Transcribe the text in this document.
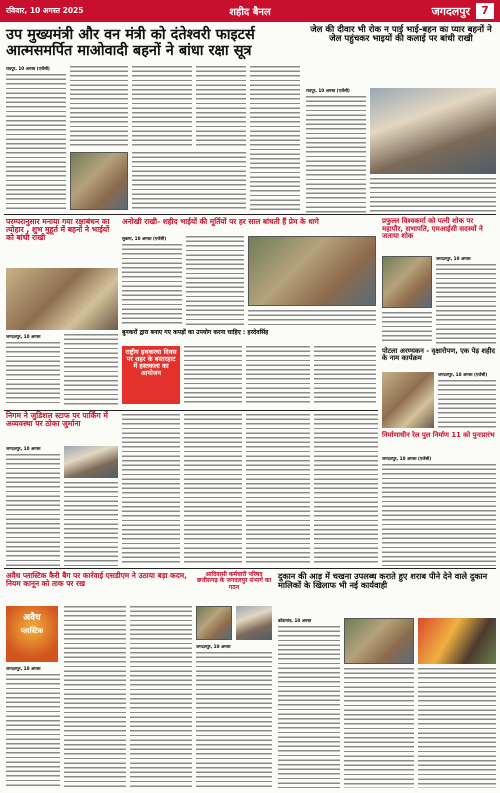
रविवार, 10 अगस्त 2025	शहीद बैनल	जगदलपुर	7
उप मुख्यमंत्री और वन मंत्री को दंतेश्वरी फाइटर्स आत्मसमर्पित माओवादी बहनों ने बांधा रक्षा सूत्र
रायपुर, 10 अगस्त (एजेंसी)
जेल की दीवार भी रोक न पाई भाई-बहन का प्यार बहनों ने जेल पहुंचकर भाइयों की कलाई पर बांधी राखी
रायपुर, 10 अगस्त (एजेंसी)
परम्परानुसार मनाया गया रक्षाबंधन का त्योहार , शुभ मुहूर्त में बहनों ने भाईयों को बांधी राखी
जगदलपुर, 10 अगस्त
अनोखी राखी- शहीद भाईयों की मूर्तियों पर हर साल बांधती हैं प्रेम के धागे
सुकमा, 10 अगस्त (एजेंसी)
बुनकरों द्वारा बनाए गए कपड़ों का उपयोग करना चाहिए : हरदेवसिंह
राष्ट्रीय हथकरघा दिवस पर शहर के बस्तरहाट में हस्तकला का आयोजन
प्रफुल्ल विश्वकर्मा को पत्नी शोक पर महापौर, सभापति, एमआईसी सदस्यों ने जताया शोक
जगदलपुर, 10 अगस्त
पोटला अरण्यकन - वृक्षारोपण, एक पेड़ शहीद के नाम कार्यक्रम
जगदलपुर, 10 अगस्त (एजेंसी)
निगम ने जुडिशल स्टाफ पर पार्किंग में अव्यवस्था पर ठोका जुर्माना
जगदलपुर, 10 अगस्त
निर्माणाधीन रेल पुल निर्माण 11 को पुनःप्रारंभ
जगदलपुर, 10 अगस्त (एजेंसी)
अवैध प्लास्टिक कैरी बैग पर कार्रवाई एसडीएम ने उठाया बड़ा कदम, नियम कानून को ताक पर रख
अवैध
प्लास्टिक
जगदलपुर, 10 अगस्त
आदिवासी कर्मचारी परिषद् छत्तीसगढ़ के जगदलपुर संभाग का गठन
जगदलपुर, 10 अगस्त
दुकान की आड़ में चखना उपलब्ध कराते हुए शराब पीने देने वाले दुकान मालिकों के खिलाफ भी नई कार्यवाही
कोंडागांव, 10 अगस्त
